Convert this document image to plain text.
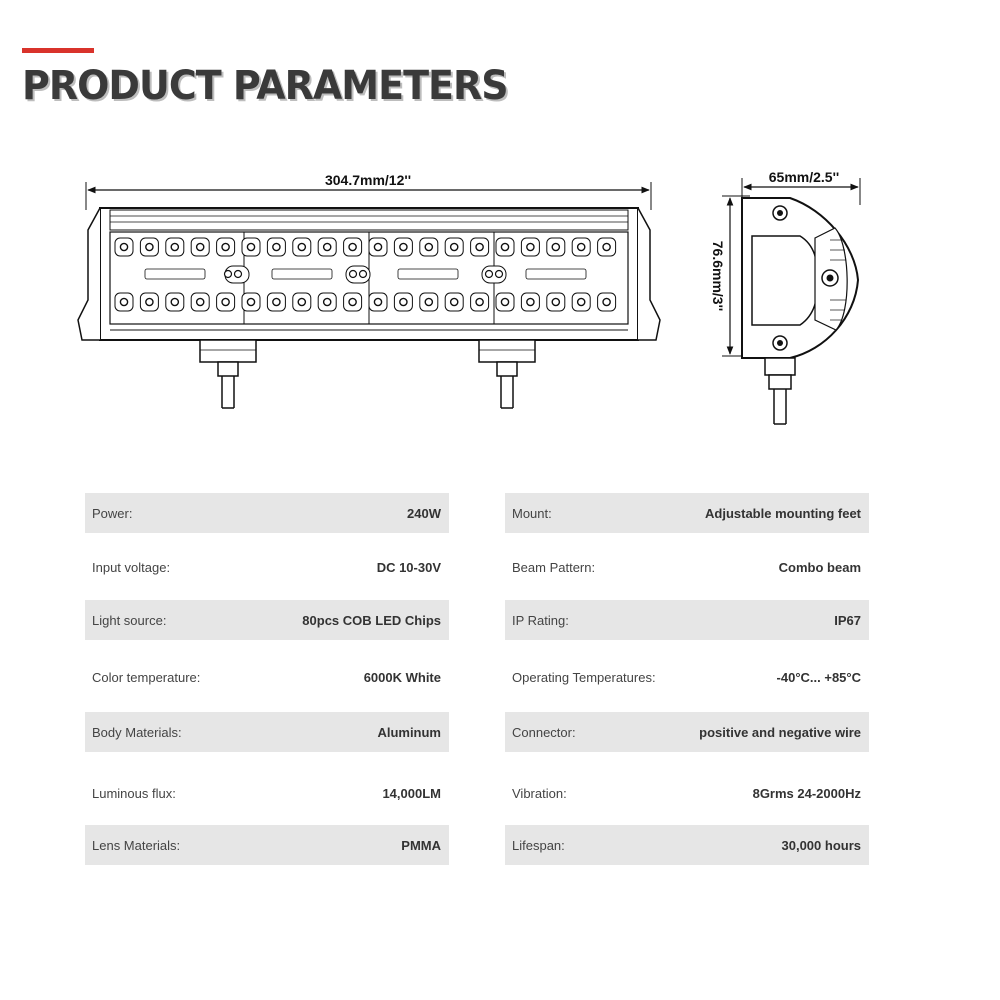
PRODUCT PARAMETERS
304.7mm/12''	65mm/2.5''
76.6mm/3''
Power:	240W
Input voltage:	DC 10-30V
Light source:	80pcs COB LED Chips
Color temperature:	6000K White
Body Materials:	Aluminum
Luminous flux:	14,000LM
Lens Materials:	PMMA
Mount:	Adjustable mounting feet
Beam Pattern:	Combo beam
IP Rating:	IP67
Operating Temperatures:	-40°C... +85°C
Connector:	positive and negative wire
Vibration:	8Grms 24-2000Hz
Lifespan:	30,000 hours
